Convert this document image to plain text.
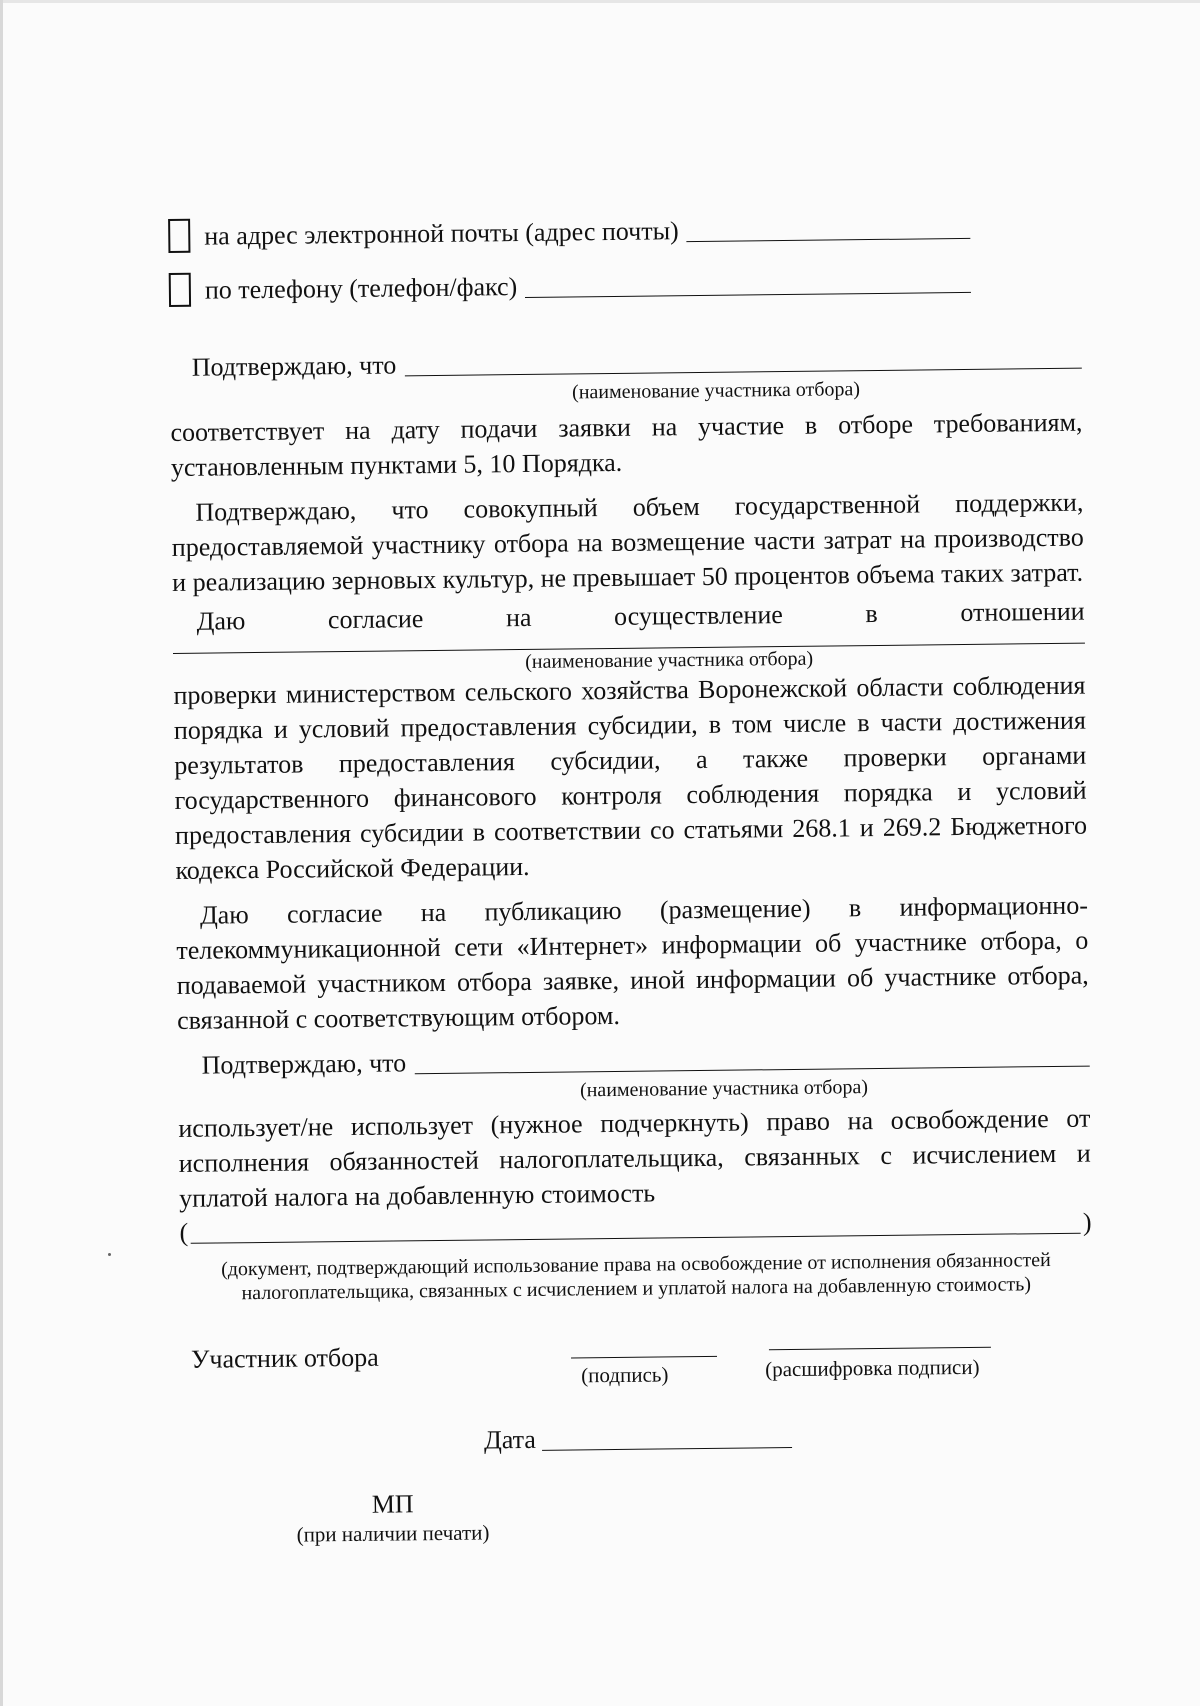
на адрес электронной почты (адрес почты)
по телефону (телефон/факс)
Подтверждаю, что
(наименование участника отбора)

соответствует на дату подачи заявки на участие в отборе требованиям, установленным пунктами 5, 10 Порядка.

Подтверждаю, что совокупный объем государственной поддержки, предоставляемой участнику отбора на возмещение части затрат на производство и реализацию зерновых культур, не превышает 50 процентов объема таких затрат.

Даю согласие на осуществление в отношении

(наименование участника отбора)

проверки министерством сельского хозяйства Воронежской области соблюдения порядка и условий предоставления субсидии, в том числе в части достижения результатов предоставления субсидии, а также проверки органами государственного финансового контроля соблюдения порядка и условий предоставления субсидии в соответствии со статьями 268.1 и 269.2 Бюджетного кодекса Российской Федерации.

Даю согласие на публикацию (размещение) в информационно-телекоммуникационной сети «Интернет» информации об участнике отбора, о подаваемой участником отбора заявке, иной информации об участнике отбора, связанной с соответствующим отбором.

Подтверждаю, что
(наименование участника отбора)

использует/не использует (нужное подчеркнуть) право на освобождение от исполнения обязанностей налогоплательщика, связанных с исчислением и уплатой налога на добавленную стоимость

(	)
(документ, подтверждающий использование права на освобождение от исполнения обязанностей налогоплательщика, связанных с исчислением и уплатой налога на добавленную стоимость)
Участник отбора
(подпись)	(расшифровка подписи)
Дата
МП
(при наличии печати)
